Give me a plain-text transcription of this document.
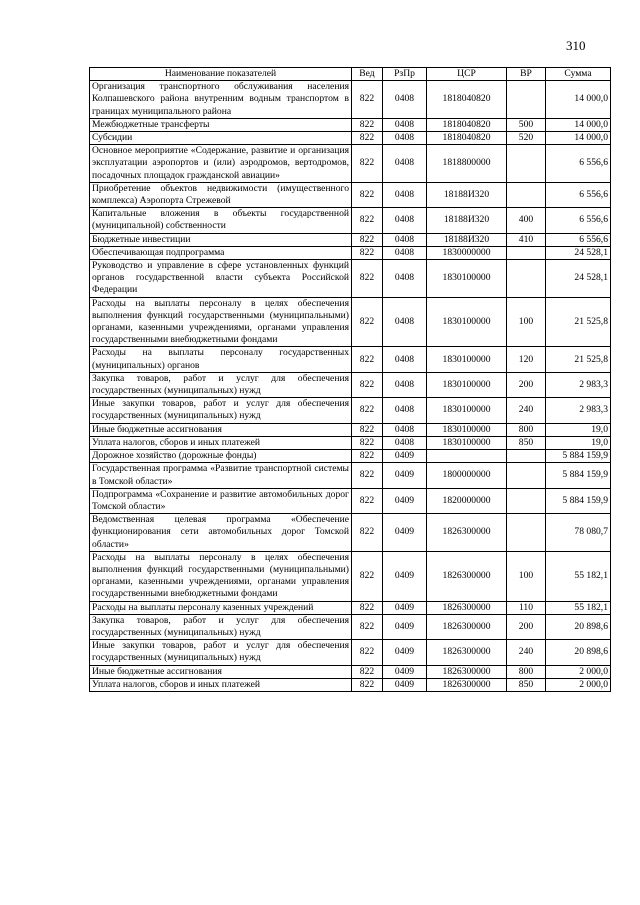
310
Наименование показателей	Вед	РзПр	ЦСР	ВР	Сумма
Организация транспортного обслуживания населения Колпашевского района внутренним водным транспортом в границах муниципального района	822	0408	1818040820		14 000,0
Межбюджетные трансферты	822	0408	1818040820	500	14 000,0
Субсидии	822	0408	1818040820	520	14 000,0
Основное мероприятие «Содержание, развитие и организация эксплуатации аэропортов и (или) аэродромов, вертодромов, посадочных площадок гражданской авиации»	822	0408	1818800000		6 556,6
Приобретение объектов недвижимости (имущественного комплекса) Аэропорта Стрежевой	822	0408	18188И320		6 556,6
Капитальные вложения в объекты государственной (муниципальной) собственности	822	0408	18188И320	400	6 556,6
Бюджетные инвестиции	822	0408	18188И320	410	6 556,6
Обеспечивающая подпрограмма	822	0408	1830000000		24 528,1
Руководство и управление в сфере установленных функций органов государственной власти субъекта Российской Федерации	822	0408	1830100000		24 528,1
Расходы на выплаты персоналу в целях обеспечения выполнения функций государственными (муниципальными) органами, казенными учреждениями, органами управления государственными внебюджетными фондами	822	0408	1830100000	100	21 525,8
Расходы на выплаты персоналу государственных (муниципальных) органов	822	0408	1830100000	120	21 525,8
Закупка товаров, работ и услуг для обеспечения государственных (муниципальных) нужд	822	0408	1830100000	200	2 983,3
Иные закупки товаров, работ и услуг для обеспечения государственных (муниципальных) нужд	822	0408	1830100000	240	2 983,3
Иные бюджетные ассигнования	822	0408	1830100000	800	19,0
Уплата налогов, сборов и иных платежей	822	0408	1830100000	850	19,0
Дорожное хозяйство (дорожные фонды)	822	0409			5 884 159,9
Государственная программа «Развитие транспортной системы в Томской области»	822	0409	1800000000		5 884 159,9
Подпрограмма «Сохранение и развитие автомобильных дорог Томской области»	822	0409	1820000000		5 884 159,9
Ведомственная целевая программа «Обеспечение функционирования сети автомобильных дорог Томской области»	822	0409	1826300000		78 080,7
Расходы на выплаты персоналу в целях обеспечения выполнения функций государственными (муниципальными) органами, казенными учреждениями, органами управления государственными внебюджетными фондами	822	0409	1826300000	100	55 182,1
Расходы на выплаты персоналу казенных учреждений	822	0409	1826300000	110	55 182,1
Закупка товаров, работ и услуг для обеспечения государственных (муниципальных) нужд	822	0409	1826300000	200	20 898,6
Иные закупки товаров, работ и услуг для обеспечения государственных (муниципальных) нужд	822	0409	1826300000	240	20 898,6
Иные бюджетные ассигнования	822	0409	1826300000	800	2 000,0
Уплата налогов, сборов и иных платежей	822	0409	1826300000	850	2 000,0
